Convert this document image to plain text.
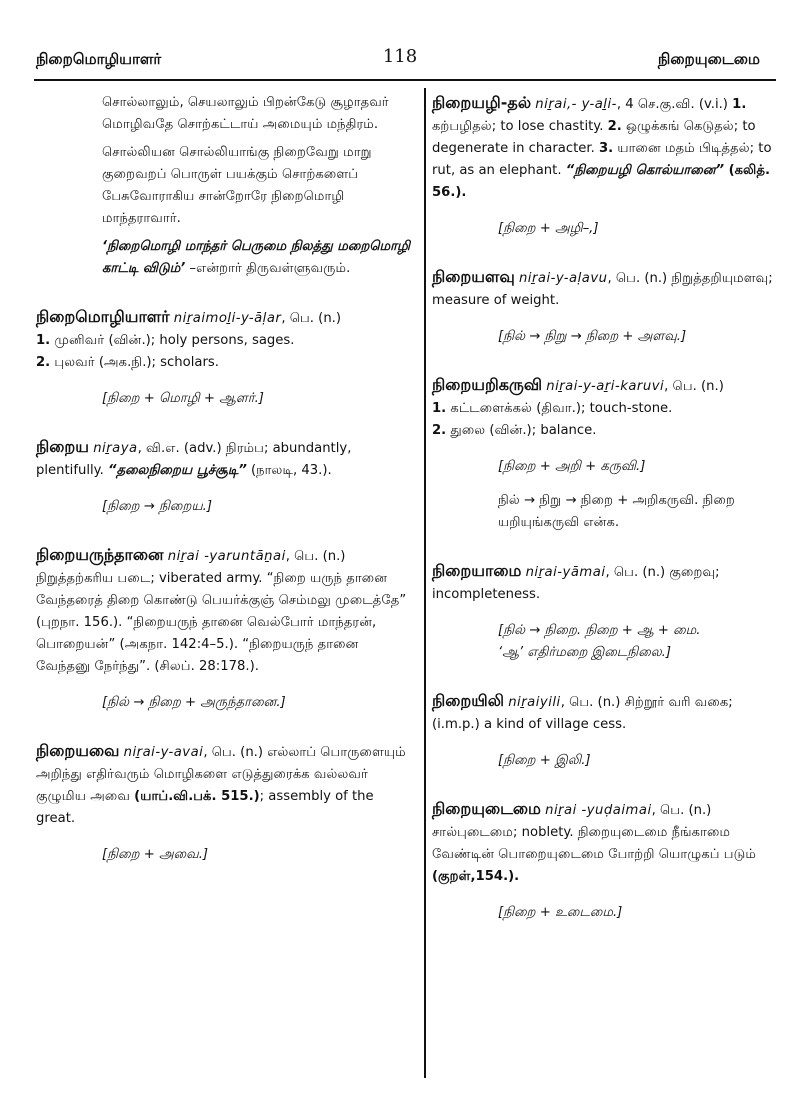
நிறைமொழியாளர்	118	நிறையுடைமை
சொல்லாலும், செயலாலும் பிறன்கேடு சூழாதவர் மொழிவதே சொற்கட்டாய் அமையும் மந்திரம்.
சொல்லியன சொல்லியாங்கு நிறைவேறு மாறு குறைவறப் பொருள் பயக்கும் சொற்களைப் பேசுவோராகிய சான்றோரே நிறைமொழி மாந்தராவார்.
‘நிறைமொழி மாந்தர் பெருமை நிலத்து மறைமொழி காட்டி விடும்’ –என்றார் திருவள்ளுவரும்.
நிறைமொழியாளர் niṟaimoḻi-y-āḷar, பெ. (n.)
1. முனிவர் (வின்.); holy persons, sages.
2. புலவர் (அக.நி.); scholars.
[நிறை + மொழி + ஆளர்.]
நிறைய niṟaya, வி.எ. (adv.) நிரம்ப; abundantly, plentifully. “தலைநிறைய பூச்சூடி” (நாலடி, 43.).
[நிறை → நிறைய.]
நிறையருந்தானை niṟai -yaruntāṉai, பெ. (n.) நிறுத்தற்கரிய படை; viberated army. “நிறை யருந் தானை வேந்தரைத் திறை கொண்டு பெயர்க்குஞ் செம்மலு முடைத்தே” (புறநா. 156.). “நிறையருந் தானை வெல்போர் மாந்தரன், பொறையன்” (அகநா. 142:4–5.). “நிறையருந் தானை வேந்தனு நேர்ந்து”. (சிலப். 28:178.).
[நில் → நிறை + அருந்தானை.]
நிறையவை niṟai-y-avai, பெ. (n.) எல்லாப் பொருளையும் அறிந்து எதிர்வரும் மொழிகளை எடுத்துரைக்க வல்லவர் குழுமிய அவை (யாப்.வி.பக். 515.); assembly of the great.
[நிறை + அவை.]
நிறையழி-தல் niṟai,- y-aḻi-, 4 செ.கு.வி. (v.i.) 1. கற்பழிதல்; to lose chastity. 2. ஒழுக்கங் கெடுதல்; to degenerate in character. 3. யானை மதம் பிடித்தல்; to rut, as an elephant. “நிறையழி கொல்யானை” (கலித். 56.).
[நிறை + அழி–,]
நிறையளவு niṟai-y-aḷavu, பெ. (n.) நிறுத்தறியுமளவு; measure of weight.
[நில் → நிறு → நிறை + அளவு.]
நிறையறிகருவி niṟai-y-aṟi-karuvi, பெ. (n.)
1. கட்டளைக்கல் (திவா.); touch-stone.
2. துலை (வின்.); balance.
[நிறை + அறி + கருவி.]
நில் → நிறு → நிறை + அறிகருவி. நிறை யறியுங்கருவி என்க.
நிறையாமை niṟai-yāmai, பெ. (n.) குறைவு; incompleteness.
[நில் → நிறை. நிறை + ஆ + மை.
‘ஆ’ எதிர்மறை இடைநிலை.]
நிறையிலி niṟaiyili, பெ. (n.) சிற்றூர் வரி வகை; (i.m.p.) a kind of village cess.
[நிறை + இலி.]
நிறையுடைமை niṟai -yuḍaimai, பெ. (n.) சால்புடைமை; noblety. நிறையுடைமை நீங்காமை வேண்டின் பொறையுடைமை போற்றி யொழுகப் படும் (குறள்,154.).
[நிறை + உடைமை.]
